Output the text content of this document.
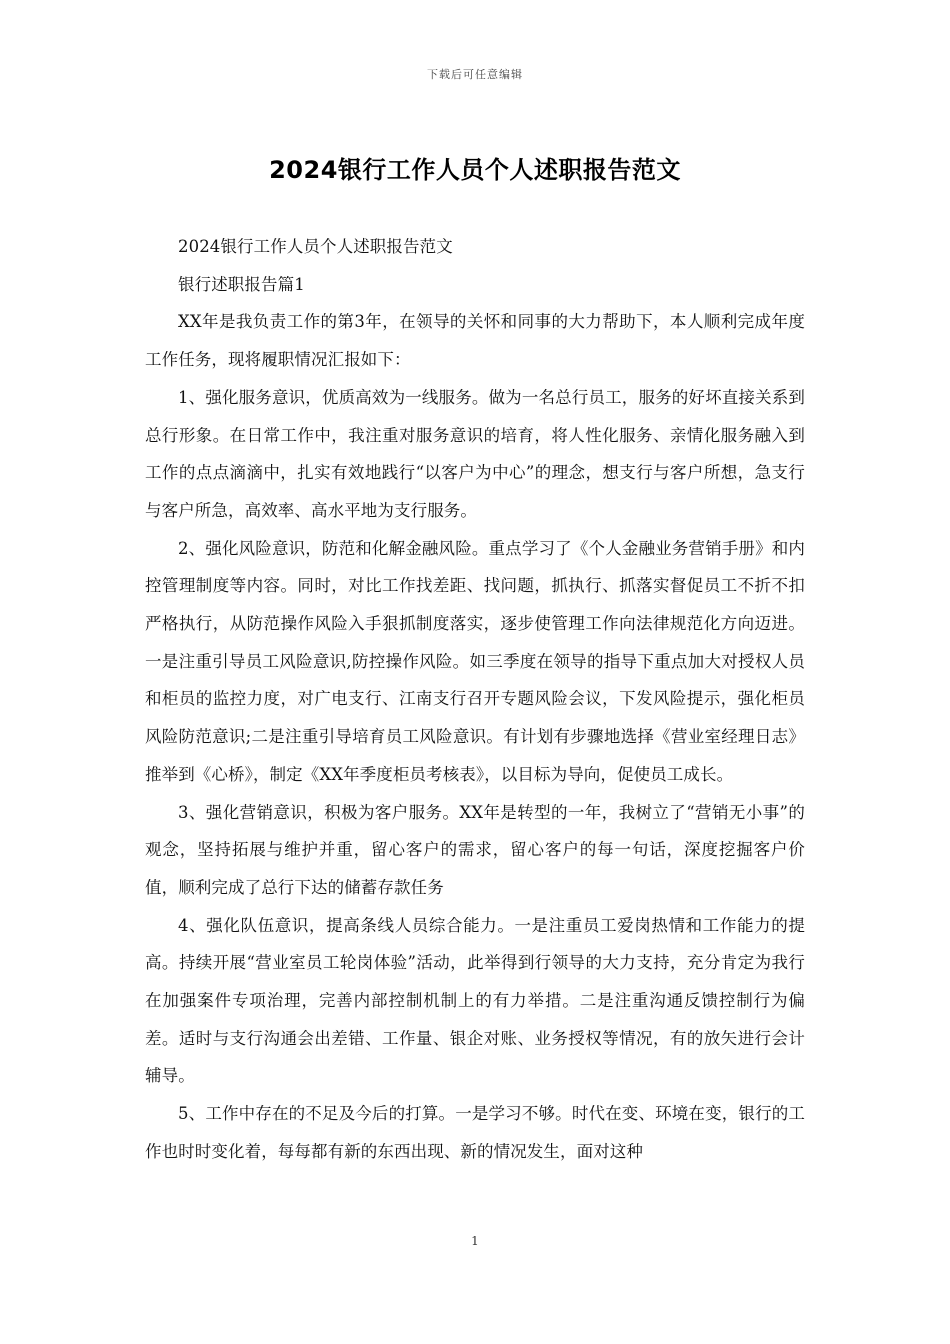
下载后可任意编辑
2024银行工作人员个人述职报告范文

2024银行工作人员个人述职报告范文

银行述职报告篇1

XX年是我负责工作的第3年，在领导的关怀和同事的大力帮助下，本人顺利完成年度工作任务，现将履职情况汇报如下：

1、强化服务意识，优质高效为一线服务。做为一名总行员工，服务的好坏直接关系到总行形象。在日常工作中，我注重对服务意识的培育，将人性化服务、亲情化服务融入到工作的点点滴滴中，扎实有效地践行“以客户为中心”的理念，想支行与客户所想，急支行与客户所急，高效率、高水平地为支行服务。

2、强化风险意识，防范和化解金融风险。重点学习了《个人金融业务营销手册》和内控管理制度等内容。同时，对比工作找差距、找问题，抓执行、抓落实督促员工不折不扣严格执行，从防范操作风险入手狠抓制度落实，逐步使管理工作向法律规范化方向迈进。一是注重引导员工风险意识,防控操作风险。如三季度在领导的指导下重点加大对授权人员和柜员的监控力度，对广电支行、江南支行召开专题风险会议，下发风险提示，强化柜员风险防范意识;二是注重引导培育员工风险意识。有计划有步骤地选择《营业室经理日志》推举到《心桥》，制定《XX年季度柜员考核表》，以目标为导向，促使员工成长。

3、强化营销意识，积极为客户服务。XX年是转型的一年，我树立了“营销无小事”的观念，坚持拓展与维护并重，留心客户的需求，留心客户的每一句话，深度挖掘客户价值，顺利完成了总行下达的储蓄存款任务

4、强化队伍意识，提高条线人员综合能力。一是注重员工爱岗热情和工作能力的提高。持续开展“营业室员工轮岗体验”活动，此举得到行领导的大力支持，充分肯定为我行在加强案件专项治理，完善内部控制机制上的有力举措。二是注重沟通反馈控制行为偏差。适时与支行沟通会出差错、工作量、银企对账、业务授权等情况，有的放矢进行会计辅导。

5、工作中存在的不足及今后的打算。一是学习不够。时代在变、环境在变，银行的工作也时时变化着，每每都有新的东西出现、新的情况发生，面对这种

1
